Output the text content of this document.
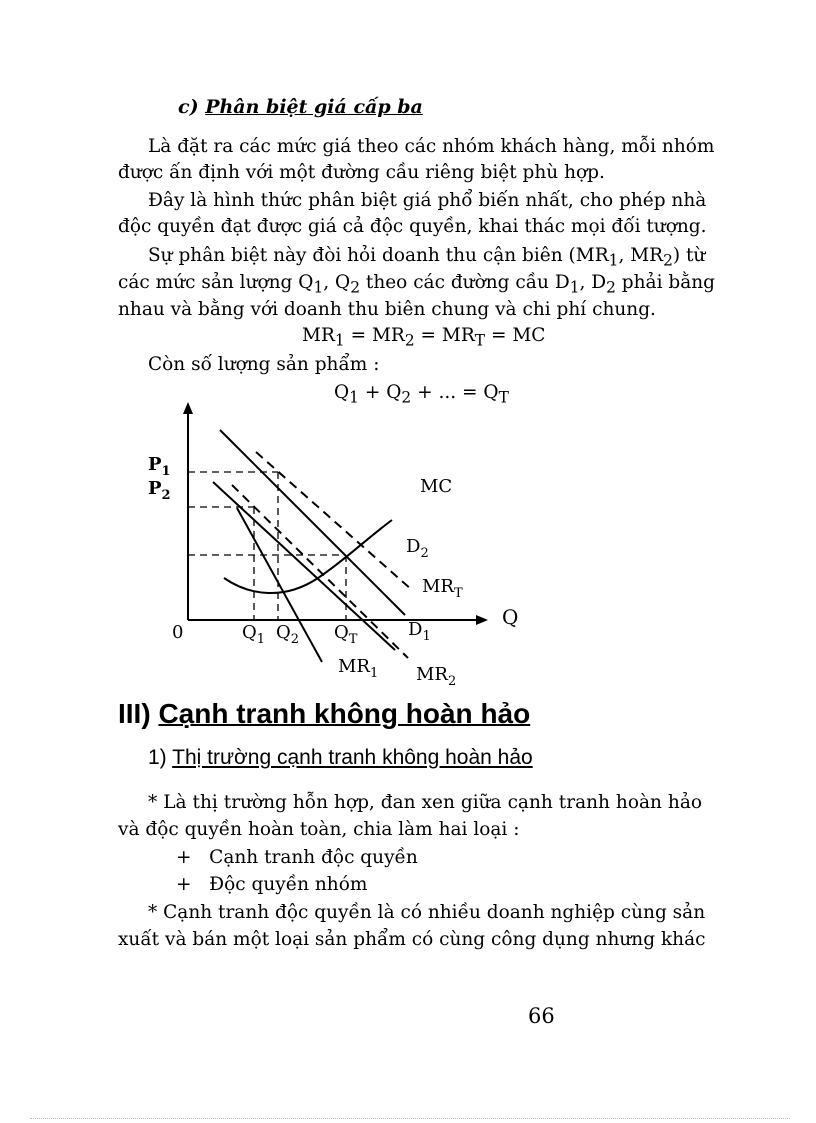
c) Phân biệt giá cấp ba
Là đặt ra các mức giá theo các nhóm khách hàng, mỗi nhóm
được ấn định với một đường cầu riêng biệt phù hợp.
Đây là hình thức phân biệt giá phổ biến nhất, cho phép nhà
độc quyền đạt được giá cả độc quyền, khai thác mọi đối tượng.
Sự phân biệt này đòi hỏi doanh thu cận biên ($MR_1$, $MR_2$) từ
các mức sản lượng $Q_1$, $Q_2$ theo các đường cầu $D_1$, $D_2$ phải bằng
nhau và bằng với doanh thu biên chung và chi phí chung.
$MR_1 = MR_2 = MR_T$ = MC
Còn số lượng sản phẩm :
$Q_1 + Q_2$ + ... = $Q_T$
$P_1$
$P_2$
0
Q
$Q_1$ $Q_2$ $Q_T$
MC
$D_2$
$MR_T$
$D_1$
$MR_1$ $MR_2$
III) Cạnh tranh không hoàn hảo
1) Thị trường cạnh tranh không hoàn hảo
* Là thị trường hỗn hợp, đan xen giữa cạnh tranh hoàn hảo
và độc quyền hoàn toàn, chia làm hai loại :
+ Cạnh tranh độc quyền
+ Độc quyền nhóm
* Cạnh tranh độc quyền là có nhiều doanh nghiệp cùng sản
xuất và bán một loại sản phẩm có cùng công dụng nhưng khác
66
